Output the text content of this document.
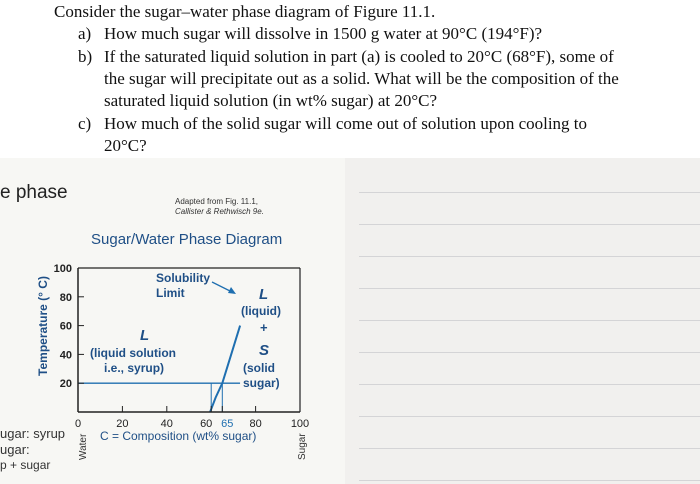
Consider the sugar–water phase diagram of Figure 11.1.
a) How much sugar will dissolve in 1500 g water at 90°C (194°F)?
b) If the saturated liquid solution in part (a) is cooled to 20°C (68°F), some of
the sugar will precipitate out as a solid. What will be the composition of the
saturated liquid solution (in wt% sugar) at 20°C?
c) How much of the solid sugar will come out of solution upon cooling to
20°C?
e phase	Adapted from Fig. 11.1,
Callister & Rethwisch 9e.
Sugar/Water Phase Diagram
ugar: syrup
ugar:
p + sugar
Temperature (° C)
20
40
60
80
100
0	20	40 60 65 80	100
Solubility
Limit
L
(liquid solution
i.e., syrup)
L
(liquid)
+
S
(solid
sugar)
C = Composition (wt% sugar)
Water	Sugar
